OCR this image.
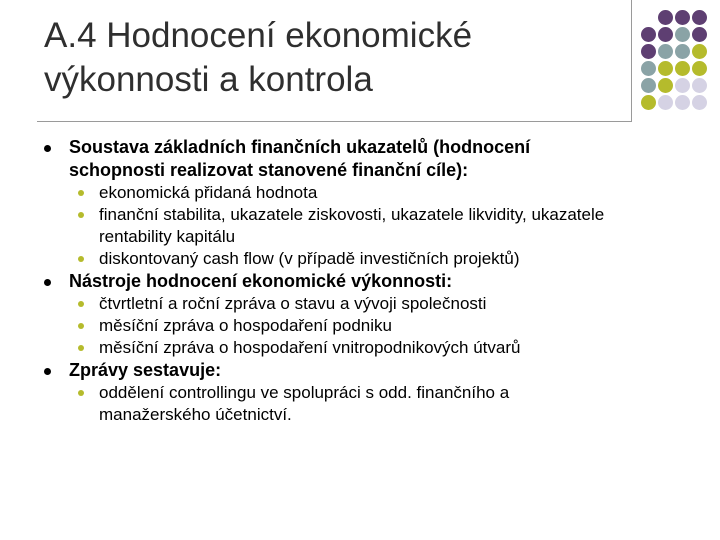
A.4 Hodnocení ekonomické
výkonnosti a kontrola
Soustava základních finančních ukazatelů (hodnocení schopnosti realizovat stanovené finanční cíle):
ekonomická přidaná hodnota
finanční stabilita, ukazatele ziskovosti, ukazatele likvidity, ukazatele rentability kapitálu
diskontovaný cash flow (v případě investičních projektů)
Nástroje hodnocení ekonomické výkonnosti:
čtvrtletní a roční zpráva o stavu a vývoji společnosti
měsíční zpráva o hospodaření podniku
měsíční zpráva o hospodaření vnitropodnikových útvarů
Zprávy sestavuje:
oddělení controllingu ve spolupráci s odd. finančního a manažerského účetnictví.
